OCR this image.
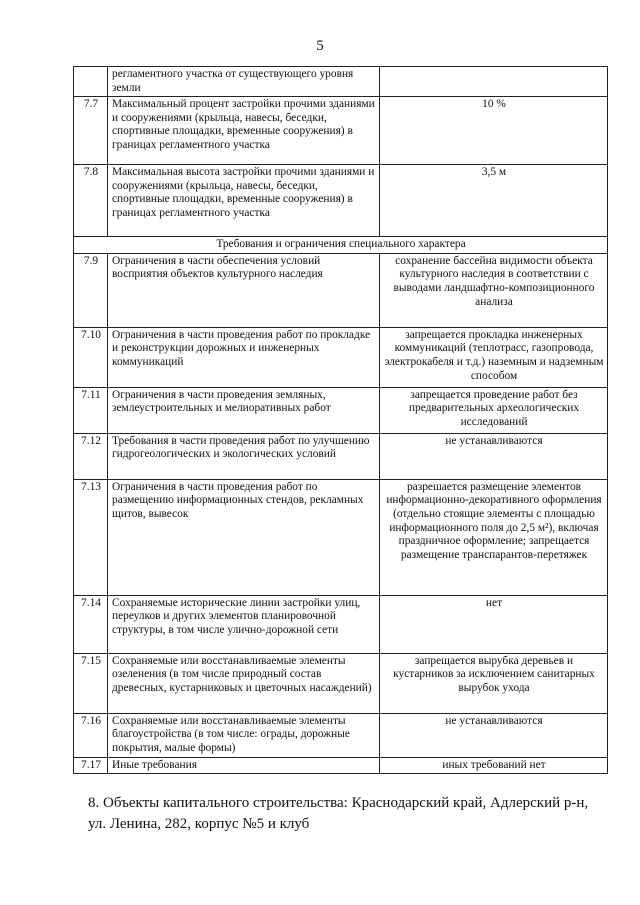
5
	регламентного участка от существующего уровня земли	
7.7	Максимальный процент застройки прочими зданиями и сооружениями (крыльца, навесы, беседки, спортивные площадки, временные сооружения) в границах регламентного участка	10 %
7.8	Максимальная высота застройки прочими зданиями и сооружениями (крыльца, навесы, беседки, спортивные площадки, временные сооружения) в границах регламентного участка	3,5 м
Требования и ограничения специального характера		
7.9	Ограничения в части обеспечения условий восприятия объектов культурного наследия	сохранение бассейна видимости объекта культурного наследия в соответствии с выводами ландшафтно-композиционного анализа
7.10	Ограничения в части проведения работ по прокладке и реконструкции дорожных и инженерных коммуникаций	запрещается прокладка инженерных коммуникаций (теплотрасс, газопровода, электрокабеля и т.д.) наземным и надземным способом
7.11	Ограничения в части проведения земляных, землеустроительных и мелиоративных работ	запрещается проведение работ без предварительных археологических исследований
7.12	Требования в части проведения работ по улучшению гидрогеологических и экологических условий	не устанавливаются
7.13	Ограничения в части проведения работ по размещению информационных стендов, рекламных щитов, вывесок	разрешается размещение элементов информационно-декоративного оформления (отдельно стоящие элементы с площадью информационного поля до 2,5 м²), включая праздничное оформление; запрещается размещение транспарантов-перетяжек
7.14	Сохраняемые исторические линии застройки улиц, переулков и других элементов планировочной структуры, в том числе улично-дорожной сети	нет
7.15	Сохраняемые или восстанавливаемые элементы озеленения (в том числе природный состав древесных, кустарниковых и цветочных насаждений)	запрещается вырубка деревьев и кустарников за исключением санитарных вырубок ухода
7.16	Сохраняемые или восстанавливаемые элементы благоустройства (в том числе: ограды, дорожные покрытия, малые формы)	не устанавливаются
7.17	Иные требования	иных требований нет
8. Объекты капитального строительства: Краснодарский край, Адлерский р-н, ул. Ленина, 282, корпус №5 и клуб
